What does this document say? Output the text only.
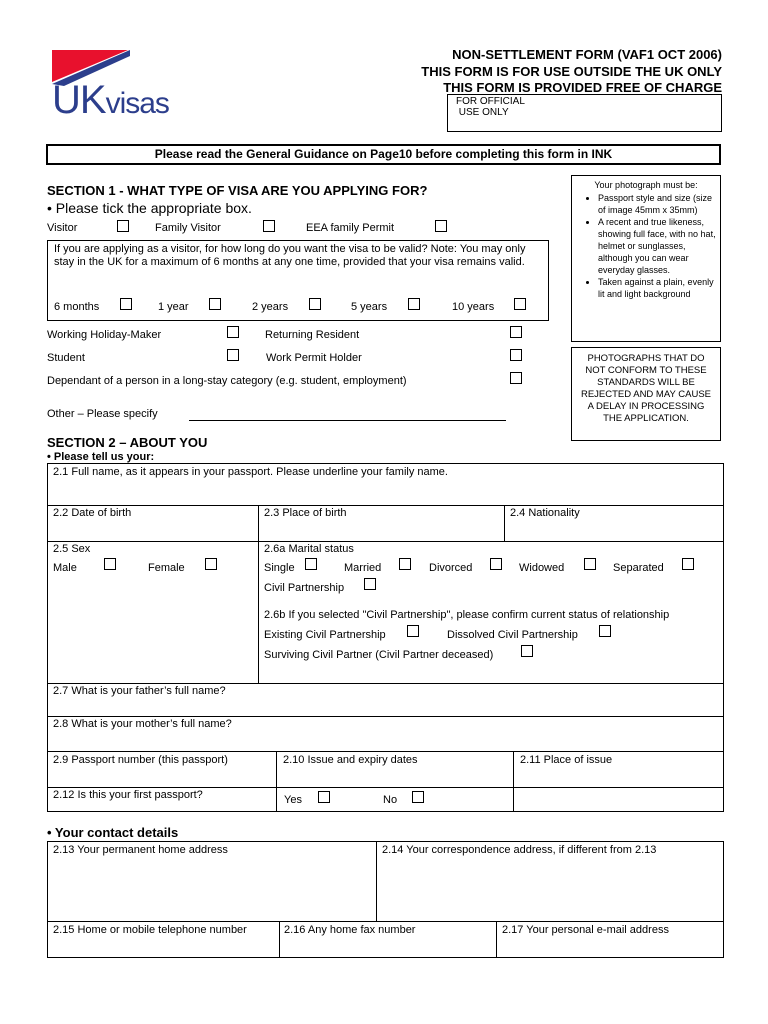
UKvisas
NON-SETTLEMENT FORM (VAF1 OCT 2006)
THIS FORM IS FOR USE OUTSIDE THE UK ONLY
THIS FORM IS PROVIDED FREE OF CHARGE
FOR OFFICIAL
USE ONLY
Please read the General Guidance on Page10 before completing this form in INK
Your photograph must be:
• Passport style and size (size of image 45mm x 35mm)
• A recent and true likeness, showing full face, with no hat, helmet or sunglasses, although you can wear everyday glasses.
• Taken against a plain, evenly lit and light background
PHOTOGRAPHS THAT DO NOT CONFORM TO THESE STANDARDS WILL BE REJECTED AND MAY CAUSE A DELAY IN PROCESSING THE APPLICATION.
SECTION 1 - WHAT TYPE OF VISA ARE YOU APPLYING FOR?
• Please tick the appropriate box.
Visitor	Family Visitor	EEA family Permit
If you are applying as a visitor, for how long do you want the visa to be valid? Note: You may only stay in the UK for a maximum of 6 months at any one time, provided that your visa remains valid.
6 months	1 year	2 years	5 years	10 years
Working Holiday-Maker	Returning Resident
Student	Work Permit Holder
Dependant of a person in a long-stay category (e.g. student, employment)
Other – Please specify
SECTION 2 – ABOUT YOU
• Please tell us your:
2.1 Full name, as it appears in your passport. Please underline your family name.
2.2 Date of birth	2.3 Place of birth	2.4 Nationality
2.5 Sex
Male	Female
2.6a Marital status
Single	Married	Divorced	Widowed	Separated
Civil Partnership
2.6b If you selected "Civil Partnership", please confirm current status of relationship
Existing Civil Partnership	Dissolved Civil Partnership
Surviving Civil Partner (Civil Partner deceased)
2.7 What is your father’s full name?
2.8 What is your mother’s full name?
2.9 Passport number (this passport)	2.10 Issue and expiry dates	2.11 Place of issue
2.12 Is this your first passport?	Yes	No
• Your contact details
2.13 Your permanent home address	2.14 Your correspondence address, if different from 2.13
2.15 Home or mobile telephone number	2.16 Any home fax number	2.17 Your personal e-mail address
